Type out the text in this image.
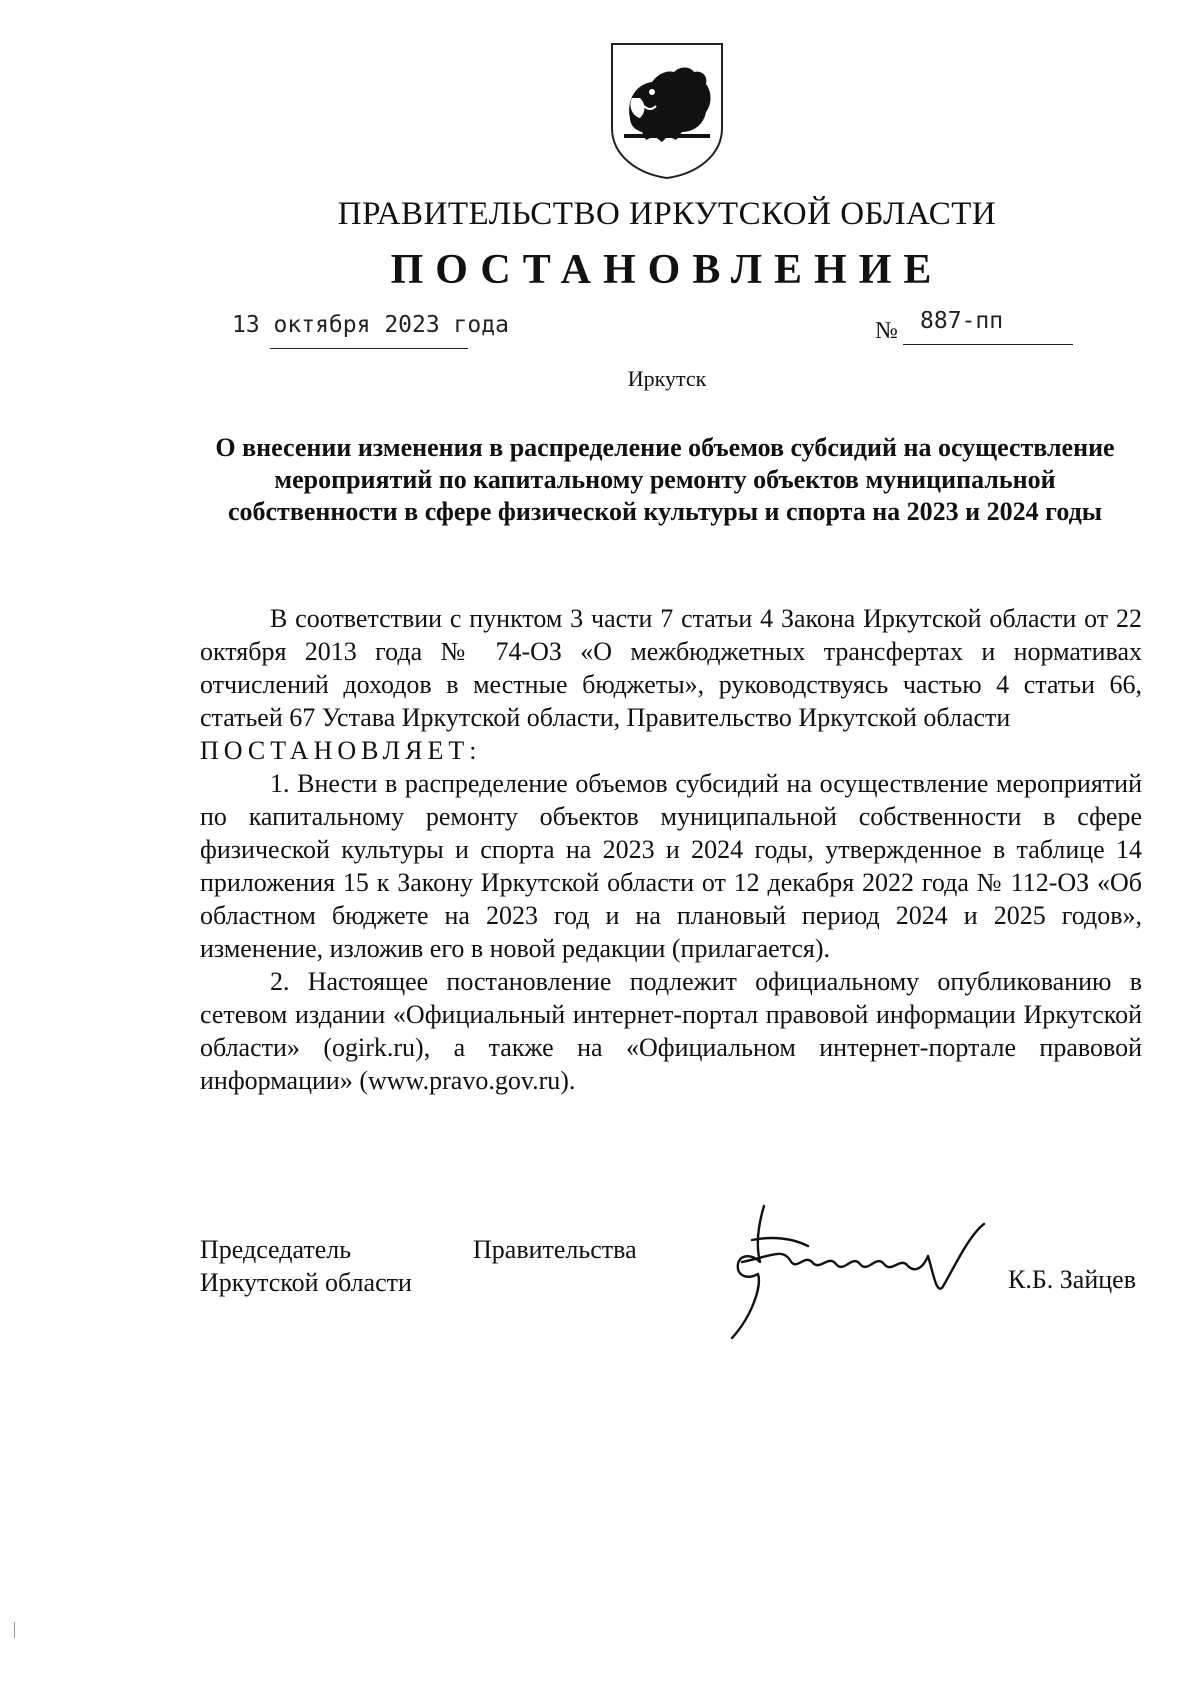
ПРАВИТЕЛЬСТВО ИРКУТСКОЙ ОБЛАСТИ
ПОСТАНОВЛЕНИЕ
13 октября 2023 года	№ 887-пп
Иркутск
О внесении изменения в распределение объемов субсидий на осуществление мероприятий по капитальному ремонту объектов муниципальной собственности в сфере физической культуры и спорта на 2023 и 2024 годы

В соответствии с пунктом 3 части 7 статьи 4 Закона Иркутской области от 22 октября 2013 года № 74-ОЗ «О межбюджетных трансфертах и нормативах отчислений доходов в местные бюджеты», руководствуясь частью 4 статьи 66, статьей 67 Устава Иркутской области, Правительство Иркутской области

ПОСТАНОВЛЯЕТ:

1. Внести в распределение объемов субсидий на осуществление мероприятий по капитальному ремонту объектов муниципальной собственности в сфере физической культуры и спорта на 2023 и 2024 годы, утвержденное в таблице 14 приложения 15 к Закону Иркутской области от 12 декабря 2022 года № 112-ОЗ «Об областном бюджете на 2023 год и на плановый период 2024 и 2025 годов», изменение, изложив его в новой редакции (прилагается).

2. Настоящее постановление подлежит официальному опубликованию в сетевом издании «Официальный интернет-портал правовой информации Иркутской области» (ogirk.ru), а также на «Официальном интернет-портале правовой информации» (www.pravo.gov.ru).

Председатель
Иркутской области
Правительства
К.Б. Зайцев
